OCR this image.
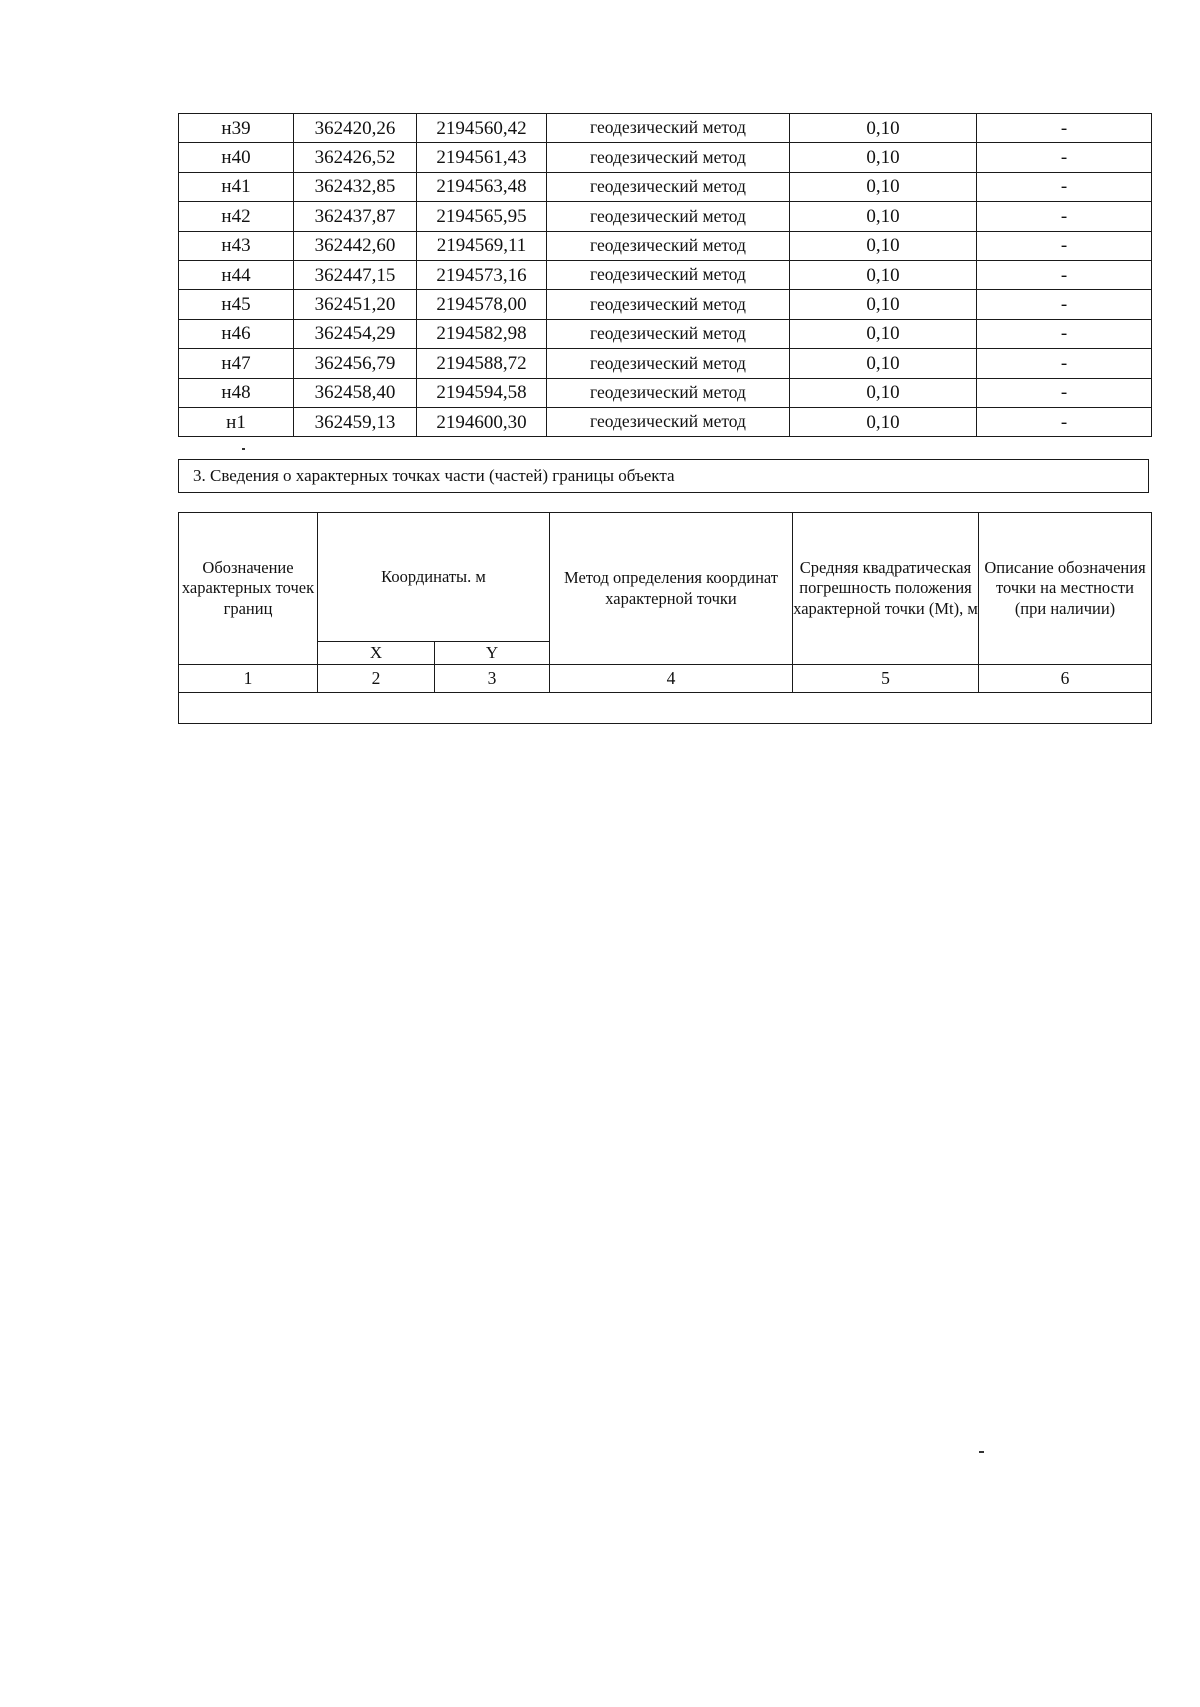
н39	362420,26	2194560,42	геодезический метод	0,10	-
н40	362426,52	2194561,43	геодезический метод	0,10	-
н41	362432,85	2194563,48	геодезический метод	0,10	-
н42	362437,87	2194565,95	геодезический метод	0,10	-
н43	362442,60	2194569,11	геодезический метод	0,10	-
н44	362447,15	2194573,16	геодезический метод	0,10	-
н45	362451,20	2194578,00	геодезический метод	0,10	-
н46	362454,29	2194582,98	геодезический метод	0,10	-
н47	362456,79	2194588,72	геодезический метод	0,10	-
н48	362458,40	2194594,58	геодезический метод	0,10	-
н1	362459,13	2194600,30	геодезический метод	0,10	-
3. Сведения о характерных точках части (частей) границы объекта
Обозначение характерных точек границ	Координаты. м		Метод определения координат характерной точки	Средняя квадратическая погрешность положения характерной точки (Mt), м	Описание обозначения точки на местности (при наличии)
	X	Y			
1	2	3	4	5	6
